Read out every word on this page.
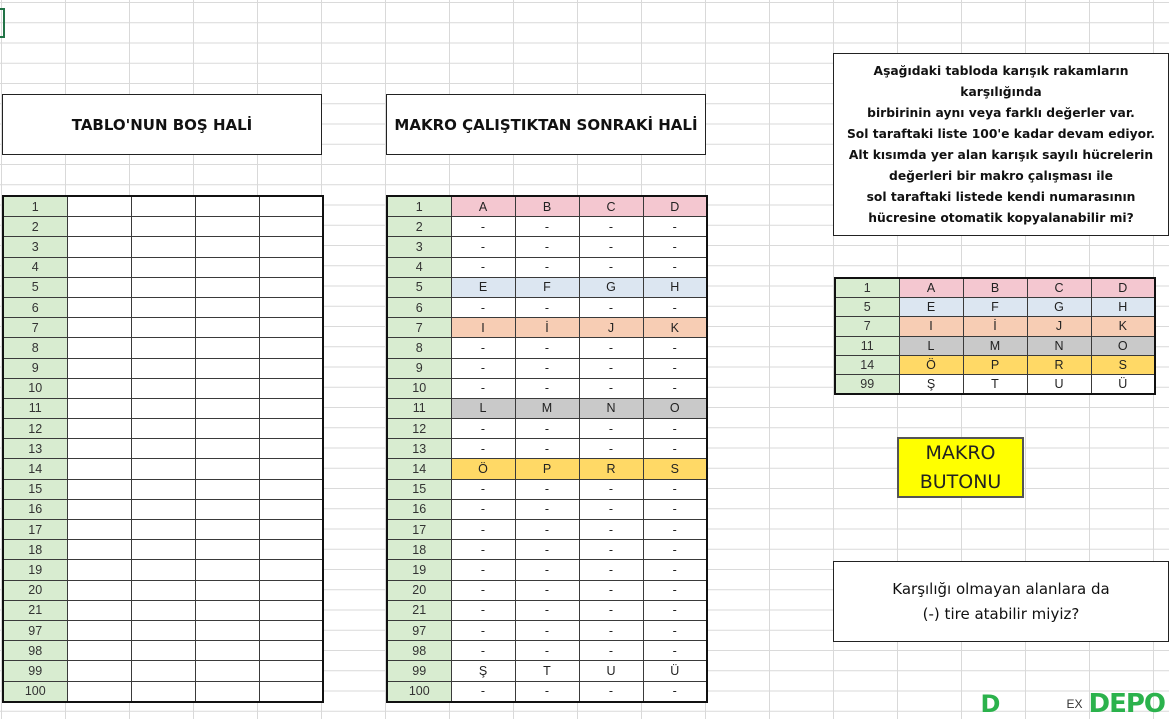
TABLO'NUN BOŞ HALİ	MAKRO ÇALIŞTIKTAN SONRAKİ HALİ
1				
2				
3				
4				
5				
6				
7				
8				
9				
10				
11				
12				
13				
14				
15				
16				
17				
18				
19				
20				
21				
97				
98				
99				
100				
1	A	B	C	D
2	-	-	-	-
3	-	-	-	-
4	-	-	-	-
5	E	F	G	H
6	-	-	-	-
7	I	İ	J	K
8	-	-	-	-
9	-	-	-	-
10	-	-	-	-
11	L	M	N	O
12	-	-	-	-
13	-	-	-	-
14	Ö	P	R	S
15	-	-	-	-
16	-	-	-	-
17	-	-	-	-
18	-	-	-	-
19	-	-	-	-
20	-	-	-	-
21	-	-	-	-
97	-	-	-	-
98	-	-	-	-
99	Ş	T	U	Ü
100	-	-	-	-
Aşağıdaki tabloda karışık rakamların
karşılığında
birbirinin aynı veya farklı değerler var.
Sol taraftaki liste 100'e kadar devam ediyor.
Alt kısımda yer alan karışık sayılı hücrelerin
değerleri bir makro çalışması ile
sol taraftaki listede kendi numarasının
hücresine otomatik kopyalanabilir mi?
1	A	B	C	D
5	E	F	G	H
7	I	İ	J	K
11	L	M	N	O
14	Ö	P	R	S
99	Ş	T	U	Ü
MAKRO
BUTONU
Karşılığı olmayan alanlara da
(-) tire atabilir miyiz?
D	EX DEPO
